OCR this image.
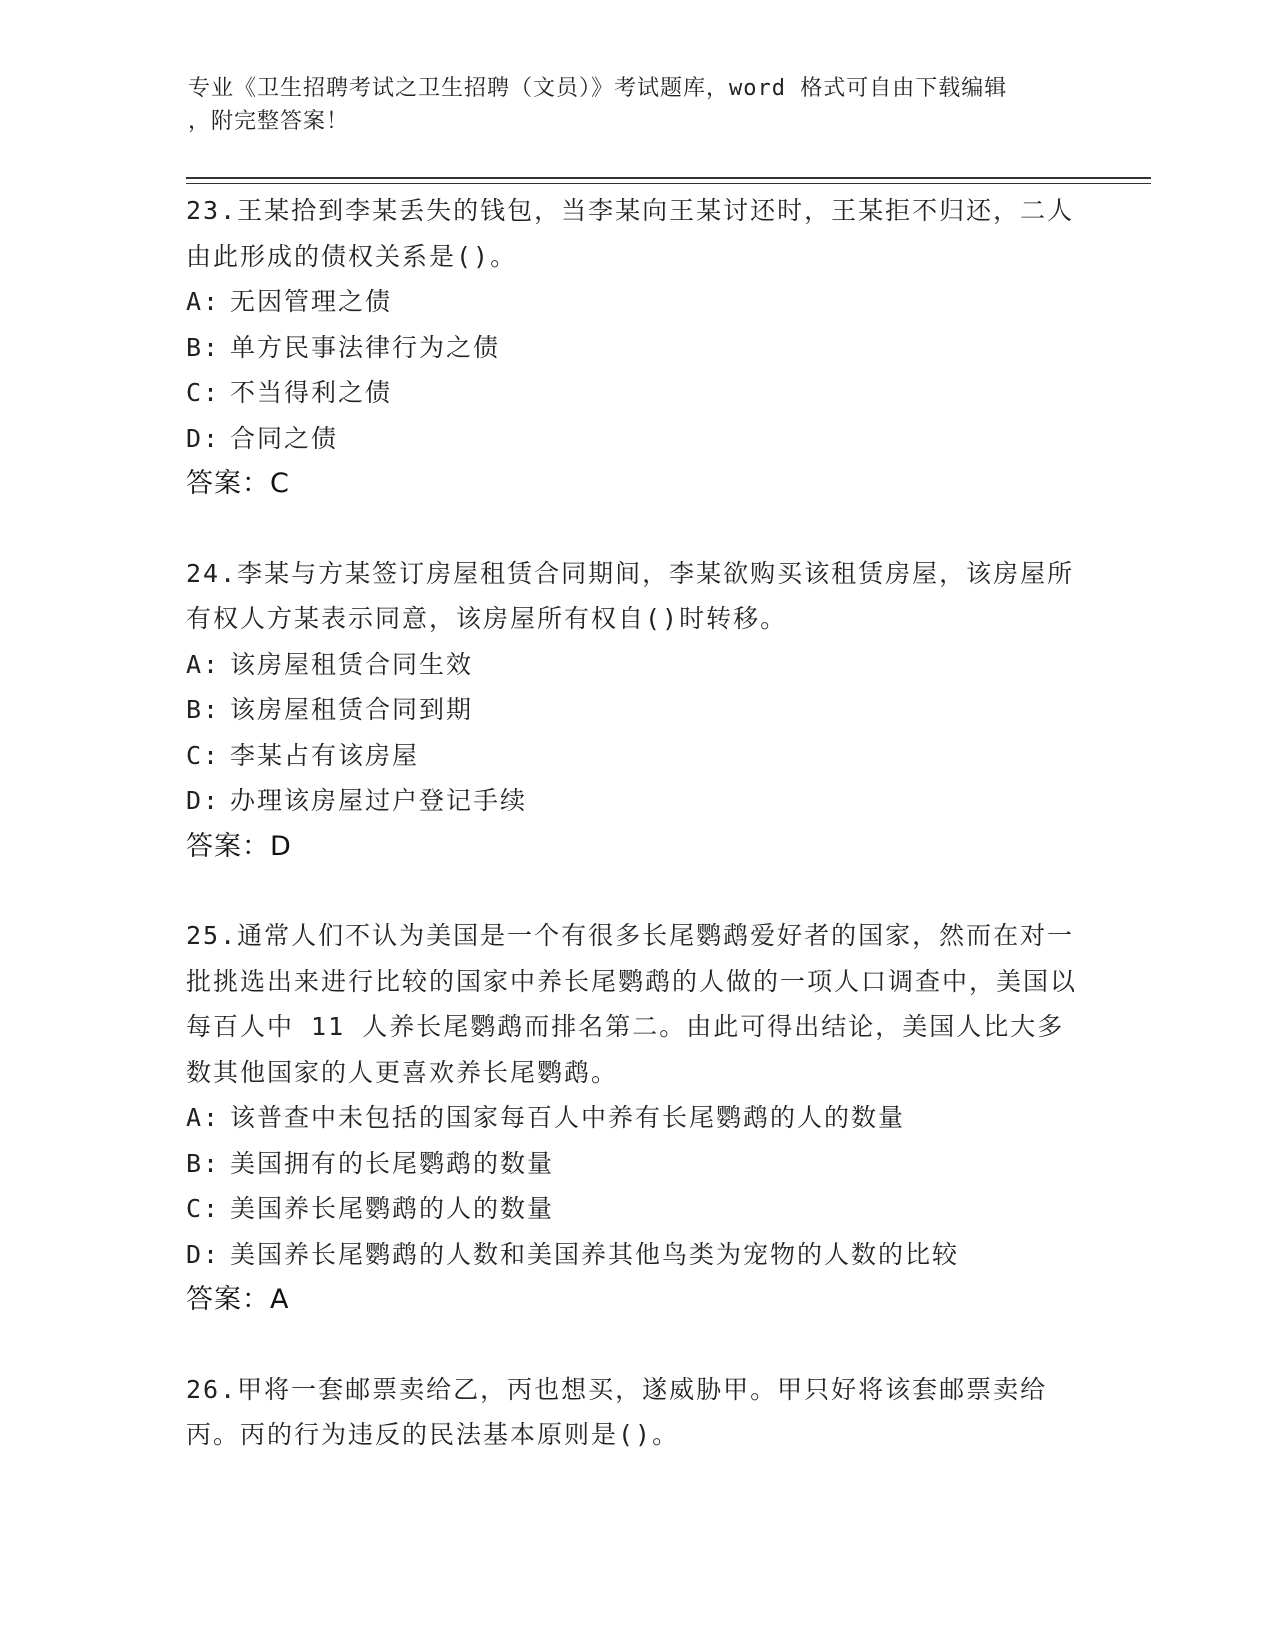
专业《卫生招聘考试之卫生招聘（文员）》考试题库，word 格式可自由下载编辑

，附完整答案！

23.王某拾到李某丢失的钱包，当李某向王某讨还时，王某拒不归还，二人由此形成的债权关系是()。

A: 无因管理之债

B: 单方民事法律行为之债

C: 不当得利之债

D: 合同之债

答案：C

24.李某与方某签订房屋租赁合同期间，李某欲购买该租赁房屋，该房屋所有权人方某表示同意，该房屋所有权自()时转移。

A: 该房屋租赁合同生效

B: 该房屋租赁合同到期

C: 李某占有该房屋

D: 办理该房屋过户登记手续

答案：D

25.通常人们不认为美国是一个有很多长尾鹦鹉爱好者的国家，然而在对一批挑选出来进行比较的国家中养长尾鹦鹉的人做的一项人口调查中，美国以每百人中 11 人养长尾鹦鹉而排名第二。由此可得出结论，美国人比大多数其他国家的人更喜欢养长尾鹦鹉。

A: 该普查中未包括的国家每百人中养有长尾鹦鹉的人的数量

B: 美国拥有的长尾鹦鹉的数量

C: 美国养长尾鹦鹉的人的数量

D: 美国养长尾鹦鹉的人数和美国养其他鸟类为宠物的人数的比较

答案：A

26.甲将一套邮票卖给乙，丙也想买，遂威胁甲。甲只好将该套邮票卖给丙。丙的行为违反的民法基本原则是()。
